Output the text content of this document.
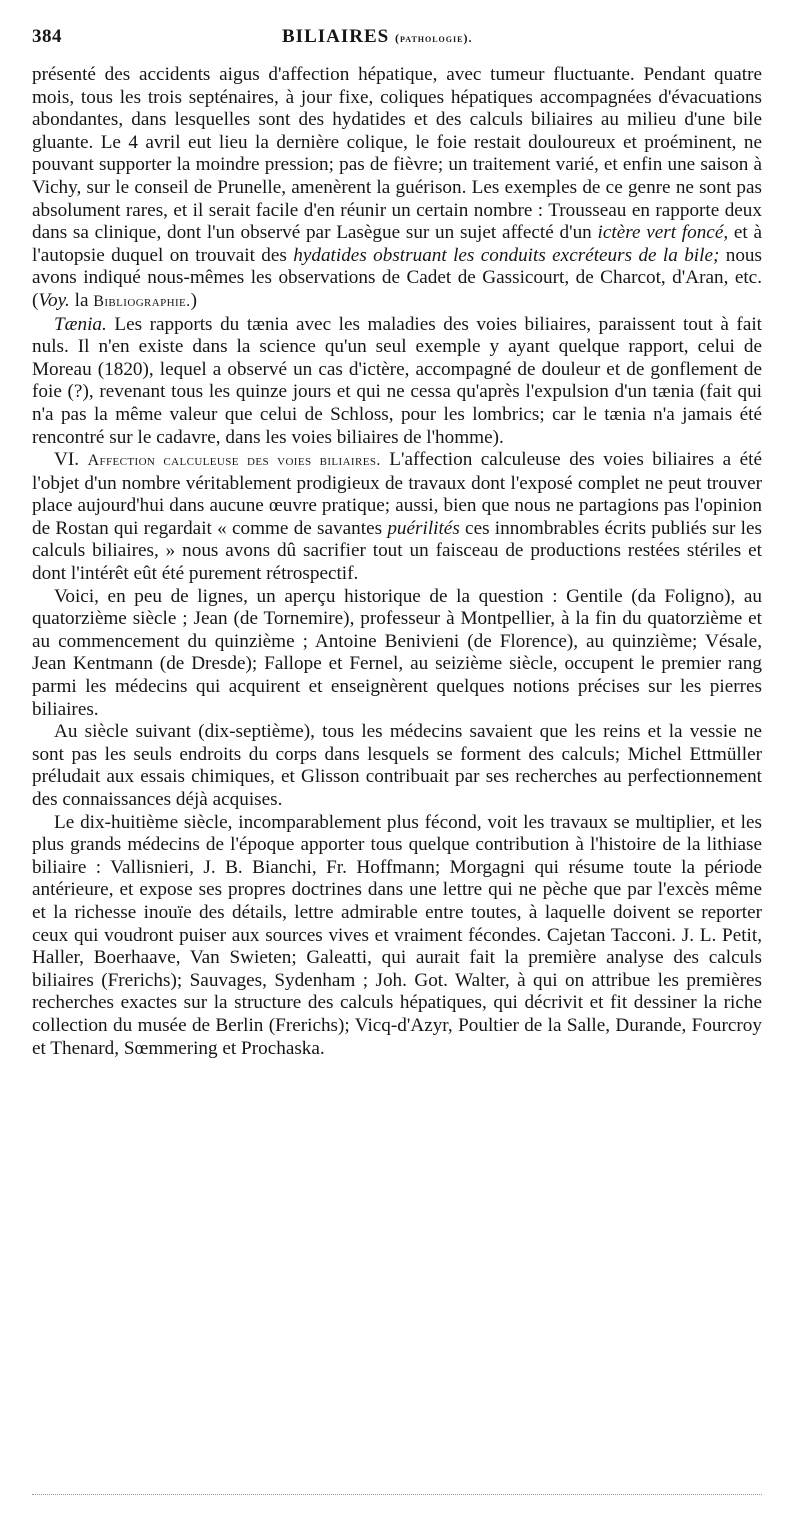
384	BILIAIRES (pathologie).

présenté des accidents aigus d'affection hépatique, avec tumeur fluctuante. Pendant quatre mois, tous les trois septénaires, à jour fixe, coliques hépatiques accompagnées d'évacuations abondantes, dans lesquelles sont des hydatides et des calculs biliaires au milieu d'une bile gluante. Le 4 avril eut lieu la dernière colique, le foie restait douloureux et proéminent, ne pouvant supporter la moindre pression; pas de fièvre; un traitement varié, et enfin une saison à Vichy, sur le conseil de Prunelle, amenèrent la guérison. Les exemples de ce genre ne sont pas absolument rares, et il serait facile d'en réunir un certain nombre : Trousseau en rapporte deux dans sa clinique, dont l'un observé par Lasègue sur un sujet affecté d'un ictère vert foncé, et à l'autopsie duquel on trouvait des hydatides obstruant les conduits excréteurs de la bile; nous avons indiqué nous-mêmes les observations de Cadet de Gassicourt, de Charcot, d'Aran, etc. (Voy. la Bibliographie.)

Tænia. Les rapports du tænia avec les maladies des voies biliaires, paraissent tout à fait nuls. Il n'en existe dans la science qu'un seul exemple y ayant quelque rapport, celui de Moreau (1820), lequel a observé un cas d'ictère, accompagné de douleur et de gonflement de foie (?), revenant tous les quinze jours et qui ne cessa qu'après l'expulsion d'un tænia (fait qui n'a pas la même valeur que celui de Schloss, pour les lombrics; car le tænia n'a jamais été rencontré sur le cadavre, dans les voies biliaires de l'homme).

VI. Affection calculeuse des voies biliaires. L'affection calculeuse des voies biliaires a été l'objet d'un nombre véritablement prodigieux de travaux dont l'exposé complet ne peut trouver place aujourd'hui dans aucune œuvre pratique; aussi, bien que nous ne partagions pas l'opinion de Rostan qui regardait « comme de savantes puérilités ces innombrables écrits publiés sur les calculs biliaires, » nous avons dû sacrifier tout un faisceau de productions restées stériles et dont l'intérêt eût été purement rétrospectif.

Voici, en peu de lignes, un aperçu historique de la question : Gentile (da Foligno), au quatorzième siècle ; Jean (de Tornemire), professeur à Montpellier, à la fin du quatorzième et au commencement du quinzième ; Antoine Benivieni (de Florence), au quinzième; Vésale, Jean Kentmann (de Dresde); Fallope et Fernel, au seizième siècle, occupent le premier rang parmi les médecins qui acquirent et enseignèrent quelques notions précises sur les pierres biliaires.

Au siècle suivant (dix-septième), tous les médecins savaient que les reins et la vessie ne sont pas les seuls endroits du corps dans lesquels se forment des calculs; Michel Ettmüller préludait aux essais chimiques, et Glisson contribuait par ses recherches au perfectionnement des connaissances déjà acquises.

Le dix-huitième siècle, incomparablement plus fécond, voit les travaux se multiplier, et les plus grands médecins de l'époque apporter tous quelque contribution à l'histoire de la lithiase biliaire : Vallisnieri, J. B. Bianchi, Fr. Hoffmann; Morgagni qui résume toute la période antérieure, et expose ses propres doctrines dans une lettre qui ne pèche que par l'excès même et la richesse inouïe des détails, lettre admirable entre toutes, à laquelle doivent se reporter ceux qui voudront puiser aux sources vives et vraiment fécondes. Cajetan Tacconi. J. L. Petit, Haller, Boerhaave, Van Swieten; Galeatti, qui aurait fait la première analyse des calculs biliaires (Frerichs); Sauvages, Sydenham ; Joh. Got. Walter, à qui on attribue les premières recherches exactes sur la structure des calculs hépatiques, qui décrivit et fit dessiner la riche collection du musée de Berlin (Frerichs); Vicq-d'Azyr, Poultier de la Salle, Durande, Fourcroy et Thenard, Sœmmering et Prochaska.
